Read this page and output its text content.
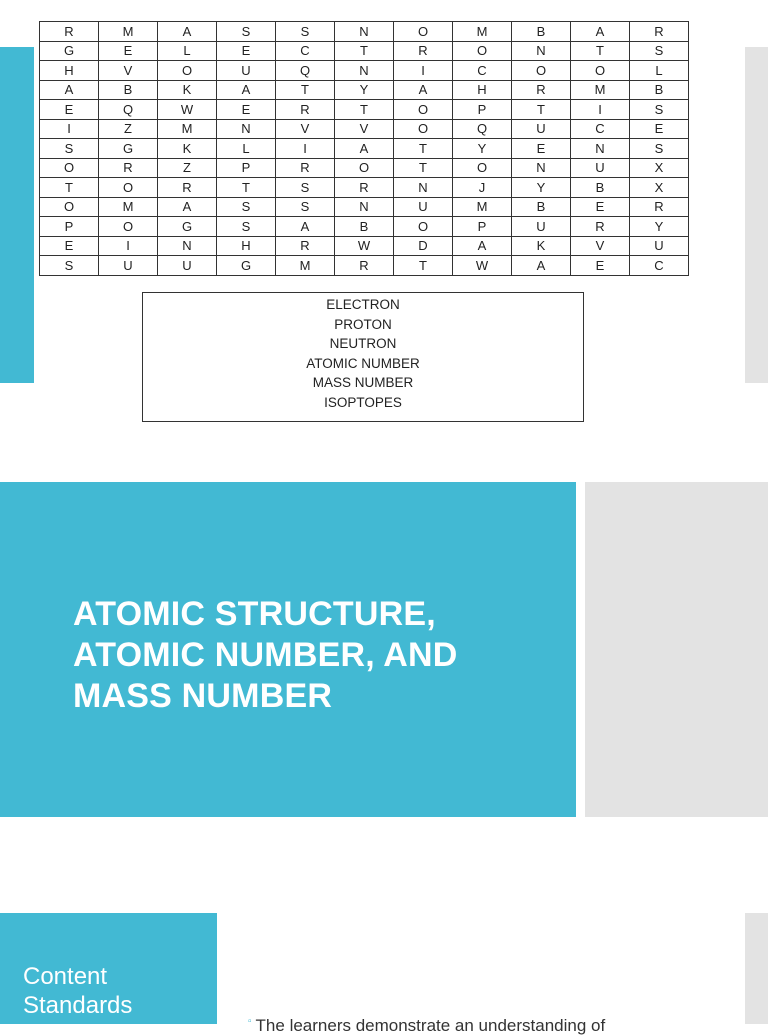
R	M	A	S	S	N	O	M	B	A	R
G	E	L	E	C	T	R	O	N	T	S
H	V	O	U	Q	N	I	C	O	O	L
A	B	K	A	T	Y	A	H	R	M	B
E	Q	W	E	R	T	O	P	T	I	S
I	Z	M	N	V	V	O	Q	U	C	E
S	G	K	L	I	A	T	Y	E	N	S
O	R	Z	P	R	O	T	O	N	U	X
T	O	R	T	S	R	N	J	Y	B	X
O	M	A	S	S	N	U	M	B	E	R
P	O	G	S	A	B	O	P	U	R	Y
E	I	N	H	R	W	D	A	K	V	U
S	U	U	G	M	R	T	W	A	E	C
ELECTRON
PROTON
NEUTRON
ATOMIC NUMBER
MASS NUMBER
ISOPTOPES
ATOMIC STRUCTURE,
ATOMIC NUMBER, AND
MASS NUMBER
Content
Standards
▫ The learners demonstrate an understanding of
